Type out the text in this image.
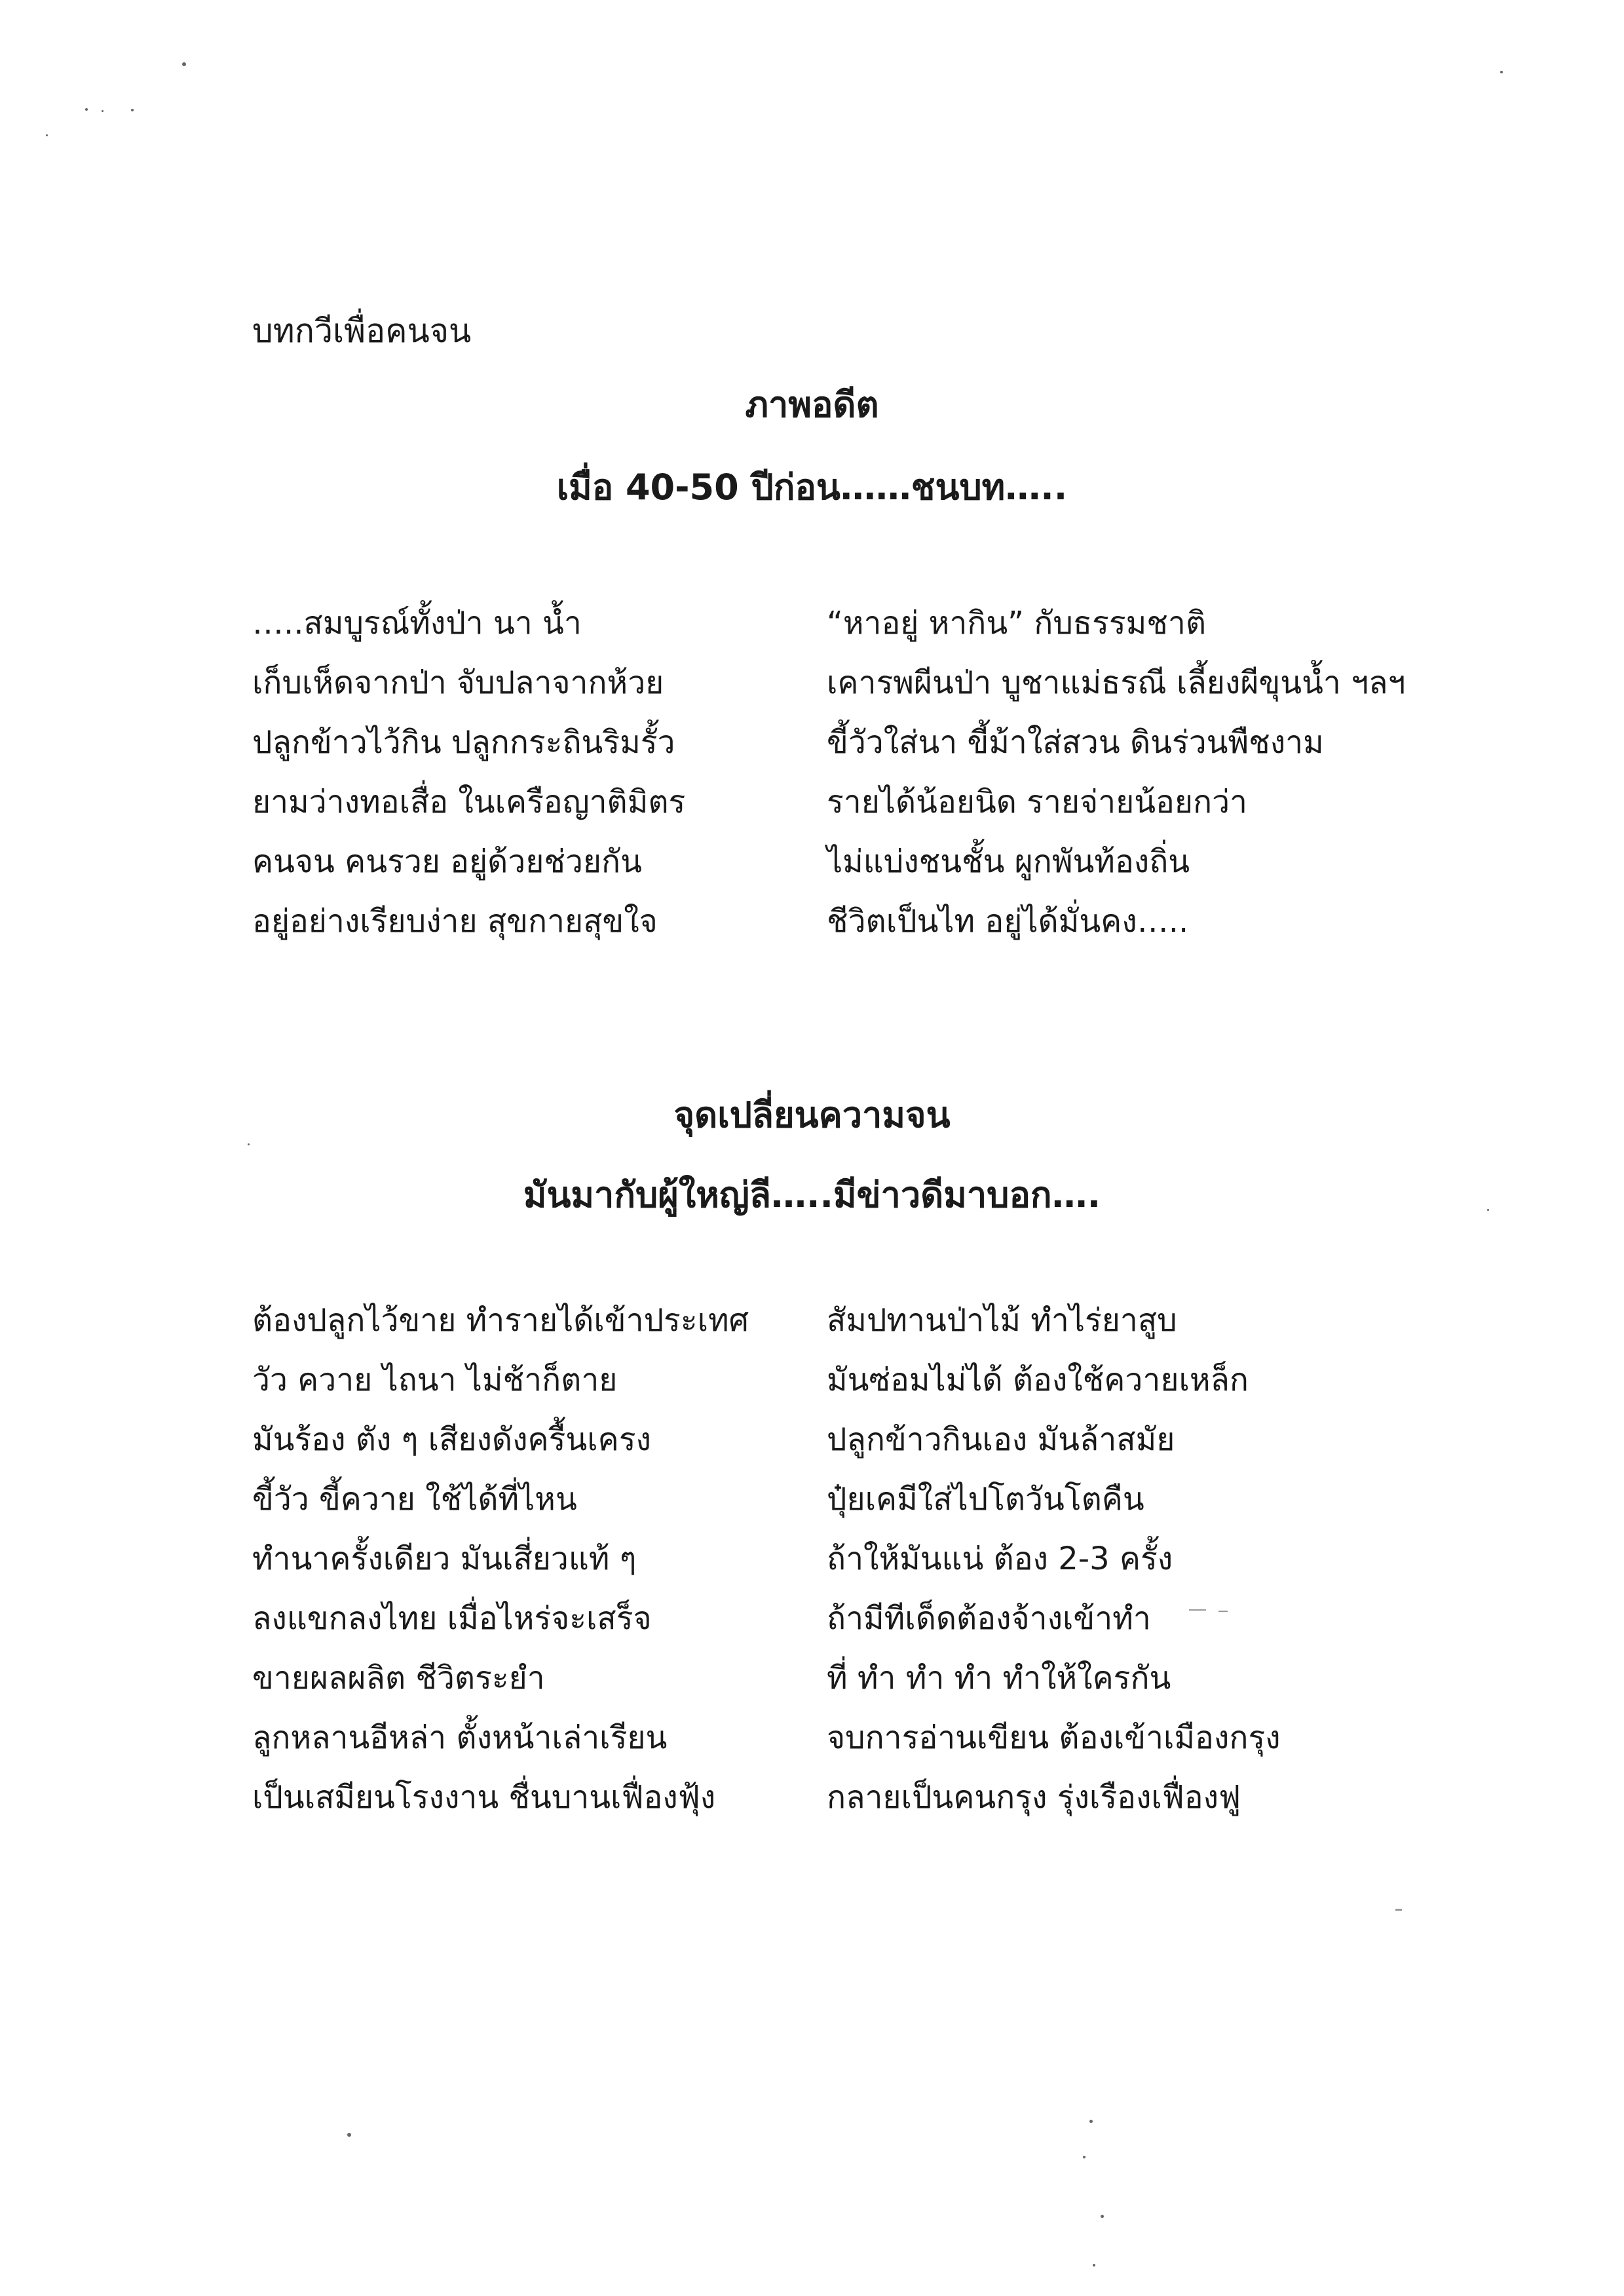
บทกวีเพื่อคนจน
ภาพอดีต
เมื่อ 40-50 ปีก่อน……ชนบท…..
…..สมบูรณ์ทั้งป่า นา น้ำ
เก็บเห็ดจากป่า จับปลาจากห้วย
ปลูกข้าวไว้กิน ปลูกกระถินริมรั้ว
ยามว่างทอเสื่อ ในเครือญาติมิตร
คนจน คนรวย อยู่ด้วยช่วยกัน
อยู่อย่างเรียบง่าย สุขกายสุขใจ
“หาอยู่ หากิน” กับธรรมชาติ
เคารพผีนป่า บูชาแม่ธรณี เลี้ยงผีขุนน้ำ ฯลฯ
ขี้วัวใส่นา ขี้ม้าใส่สวน ดินร่วนพืชงาม
รายได้น้อยนิด รายจ่ายน้อยกว่า
ไม่แบ่งชนชั้น ผูกพันท้องถิ่น
ชีวิตเป็นไท อยู่ได้มั่นคง…..
จุดเปลี่ยนความจน
มันมากับผู้ใหญ่ลี…..มีข่าวดีมาบอก….
ต้องปลูกไว้ขาย ทำรายได้เข้าประเทศ
วัว ควาย ไถนา ไม่ช้าก็ตาย
มันร้อง ตัง ๆ เสียงดังครื้นเครง
ขี้วัว ขี้ควาย ใช้ได้ที่ไหน
ทำนาครั้งเดียว มันเสี่ยวแท้ ๆ
ลงแขกลงไทย เมื่อไหร่จะเสร็จ
ขายผลผลิต ชีวิตระยำ
ลูกหลานอีหล่า ตั้งหน้าเล่าเรียน
เป็นเสมียนโรงงาน ชื่นบานเฟื่องฟุ้ง
สัมปทานป่าไม้ ทำไร่ยาสูบ
มันซ่อมไม่ได้ ต้องใช้ควายเหล็ก
ปลูกข้าวกินเอง มันล้าสมัย
ปุ๋ยเคมีใส่ไปโตวันโตคืน
ถ้าให้มันแน่ ต้อง 2-3 ครั้ง
ถ้ามีทีเด็ดต้องจ้างเข้าทำ
ที่ ทำ ทำ ทำ ทำให้ใครกัน
จบการอ่านเขียน ต้องเข้าเมืองกรุง
กลายเป็นคนกรุง รุ่งเรืองเฟื่องฟู
